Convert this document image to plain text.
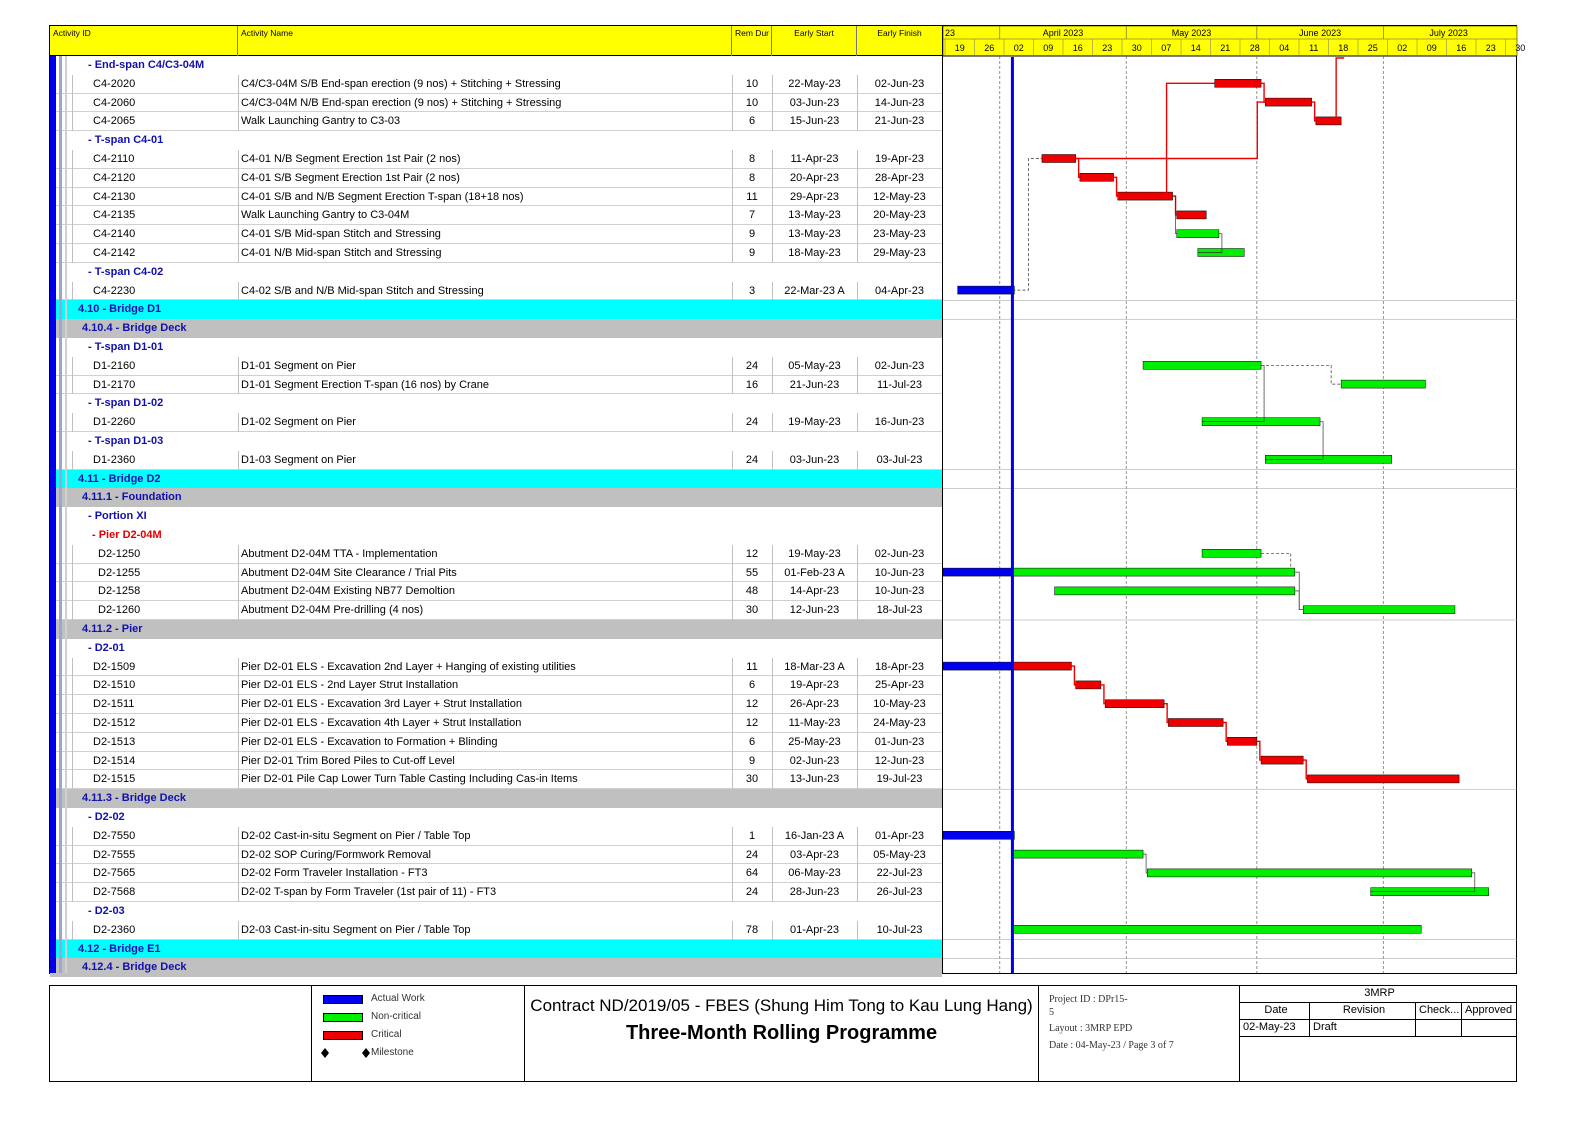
Activity ID	Activity Name	Rem Dur	Early Start	Early Finish
- End-span C4/C3-04M
C4-2020	C4/C3-04M S/B End-span erection (9 nos) + Stitching + Stressing	10	22-May-23	02-Jun-23
C4-2060	C4/C3-04M N/B End-span erection (9 nos) + Stitching + Stressing	10	03-Jun-23	14-Jun-23
C4-2065	Walk Launching Gantry to C3-03	6	15-Jun-23	21-Jun-23
- T-span C4-01
C4-2110	C4-01 N/B Segment Erection 1st Pair (2 nos)	8	11-Apr-23	19-Apr-23
C4-2120	C4-01 S/B Segment Erection 1st Pair (2 nos)	8	20-Apr-23	28-Apr-23
C4-2130	C4-01 S/B and N/B Segment Erection T-span (18+18 nos)	11	29-Apr-23	12-May-23
C4-2135	Walk Launching Gantry to C3-04M	7	13-May-23	20-May-23
C4-2140	C4-01 S/B Mid-span Stitch and Stressing	9	13-May-23	23-May-23
C4-2142	C4-01 N/B Mid-span Stitch and Stressing	9	18-May-23	29-May-23
- T-span C4-02
C4-2230	C4-02 S/B and N/B Mid-span Stitch and Stressing	3	22-Mar-23 A	04-Apr-23
4.10 - Bridge D1
4.10.4 - Bridge Deck
- T-span D1-01
D1-2160	D1-01 Segment on Pier	24	05-May-23	02-Jun-23
D1-2170	D1-01 Segment Erection T-span (16 nos) by Crane	16	21-Jun-23	11-Jul-23
- T-span D1-02
D1-2260	D1-02 Segment on Pier	24	19-May-23	16-Jun-23
- T-span D1-03
D1-2360	D1-03 Segment on Pier	24	03-Jun-23	03-Jul-23
4.11 - Bridge D2
4.11.1 - Foundation
- Portion XI
- Pier D2-04M
D2-1250	Abutment D2-04M TTA - Implementation	12	19-May-23	02-Jun-23
D2-1255	Abutment D2-04M Site Clearance / Trial Pits	55	01-Feb-23 A	10-Jun-23
D2-1258	Abutment D2-04M Existing NB77 Demoltion	48	14-Apr-23	10-Jun-23
D2-1260	Abutment D2-04M Pre-drilling (4 nos)	30	12-Jun-23	18-Jul-23
4.11.2 - Pier
- D2-01
D2-1509	Pier D2-01 ELS - Excavation 2nd Layer + Hanging of existing utilities	11	18-Mar-23 A	18-Apr-23
D2-1510	Pier D2-01 ELS - 2nd Layer Strut Installation	6	19-Apr-23	25-Apr-23
D2-1511	Pier D2-01 ELS - Excavation 3rd Layer + Strut Installation	12	26-Apr-23	10-May-23
D2-1512	Pier D2-01 ELS - Excavation 4th Layer + Strut Installation	12	11-May-23	24-May-23
D2-1513	Pier D2-01 ELS - Excavation to Formation + Blinding	6	25-May-23	01-Jun-23
D2-1514	Pier D2-01 Trim Bored Piles to Cut-off Level	9	02-Jun-23	12-Jun-23
D2-1515	Pier D2-01 Pile Cap Lower Turn Table Casting Including Cas-in Items	30	13-Jun-23	19-Jul-23
4.11.3 - Bridge Deck
- D2-02
D2-7550	D2-02 Cast-in-situ Segment on Pier / Table Top	1	16-Jan-23 A	01-Apr-23
D2-7555	D2-02 SOP Curing/Formwork Removal	24	03-Apr-23	05-May-23
D2-7565	D2-02 Form Traveler Installation - FT3	64	06-May-23	22-Jul-23
D2-7568	D2-02 T-span by Form Traveler (1st pair of 11) - FT3	24	28-Jun-23	26-Jul-23
- D2-03
D2-2360	D2-03 Cast-in-situ Segment on Pier / Table Top	78	01-Apr-23	10-Jul-23
4.12 - Bridge E1
4.12.4 - Bridge Deck
19 26 02 09 16 23 30 07 14 21 28 04 11 18 25 02 09 16 23 30
23	April 2023	May 2023	June 2023	July 2023
Actual Work
Non-critical
Critical
Milestone
Contract ND/2019/05 - FBES (Shung Him Tong to Kau Lung Hang)
Three-Month Rolling Programme
Project ID : DPr15-
5
Layout : 3MRP EPD
Date : 04-May-23 / Page 3 of 7
3MRP
Date	Revision	Check... Approved
02-May-23	Draft
